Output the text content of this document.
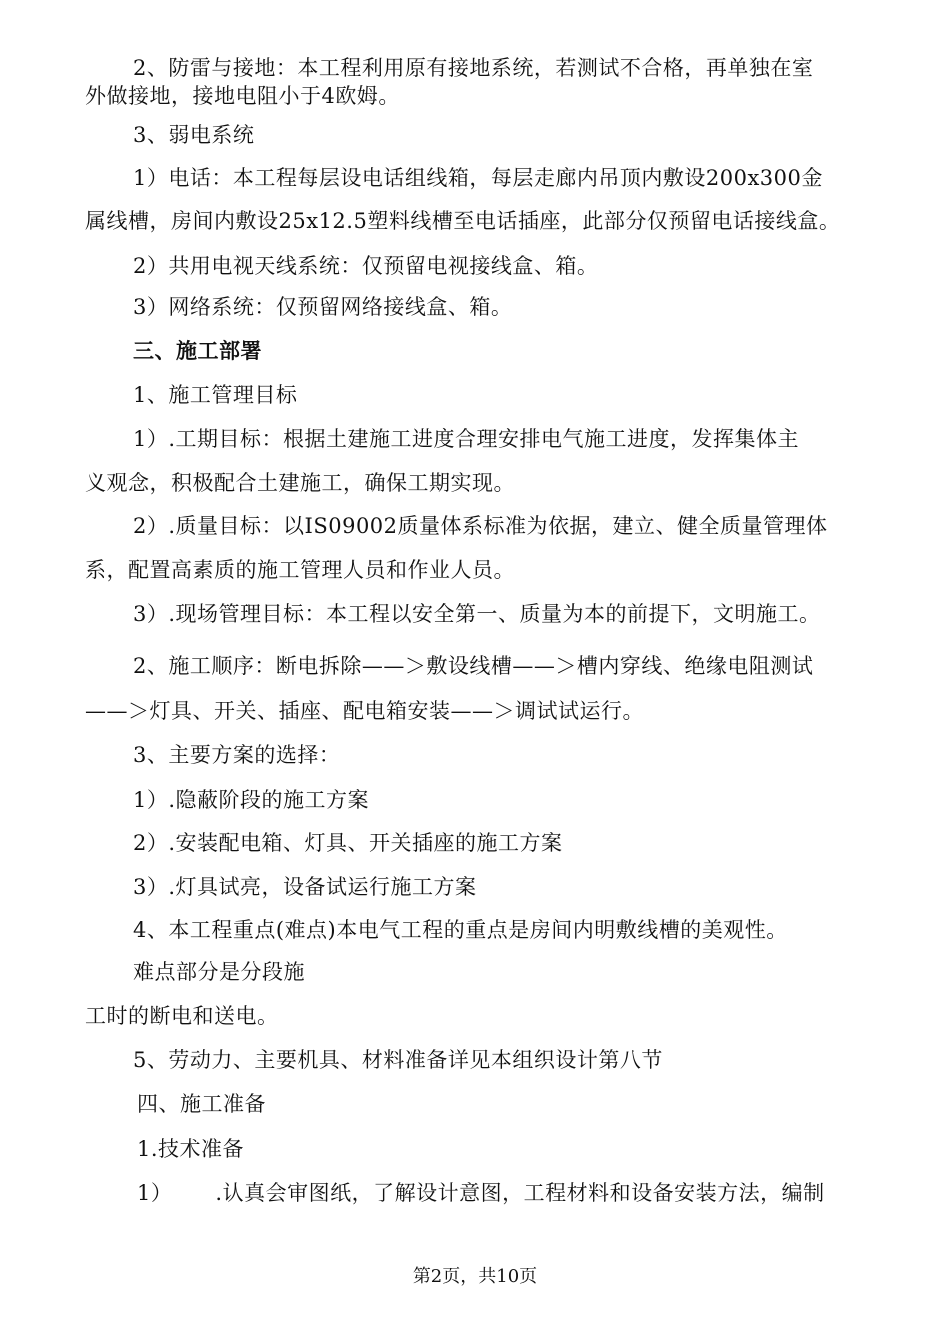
2、防雷与接地：本工程利用原有接地系统，若测试不合格，再单独在室
外做接地，接地电阻小于4欧姆。
3、弱电系统
1）电话：本工程每层设电话组线箱，每层走廊内吊顶内敷设200x300金
属线槽，房间内敷设25x12.5塑料线槽至电话插座，此部分仅预留电话接线盒。
2）共用电视天线系统：仅预留电视接线盒、箱。
3）网络系统：仅预留网络接线盒、箱。
三、施工部署
1、施工管理目标
1）.工期目标：根据土建施工进度合理安排电气施工进度，发挥集体主
义观念，积极配合土建施工，确保工期实现。
2）.质量目标：以IS09002质量体系标准为依据，建立、健全质量管理体
系，配置高素质的施工管理人员和作业人员。
3）.现场管理目标：本工程以安全第一、质量为本的前提下，文明施工。
2、施工顺序：断电拆除——＞敷设线槽——＞槽内穿线、绝缘电阻测试
——＞灯具、开关、插座、配电箱安装——＞调试试运行。
3、主要方案的选择：
1）.隐蔽阶段的施工方案
2）.安装配电箱、灯具、开关插座的施工方案
3）.灯具试亮，设备试运行施工方案
4、本工程重点(难点)本电气工程的重点是房间内明敷线槽的美观性。
难点部分是分段施
工时的断电和送电。
5、劳动力、主要机具、材料准备详见本组织设计第八节
四、施工准备
1.技术准备
1）      .认真会审图纸，了解设计意图，工程材料和设备安装方法，编制
第2页，共10页
